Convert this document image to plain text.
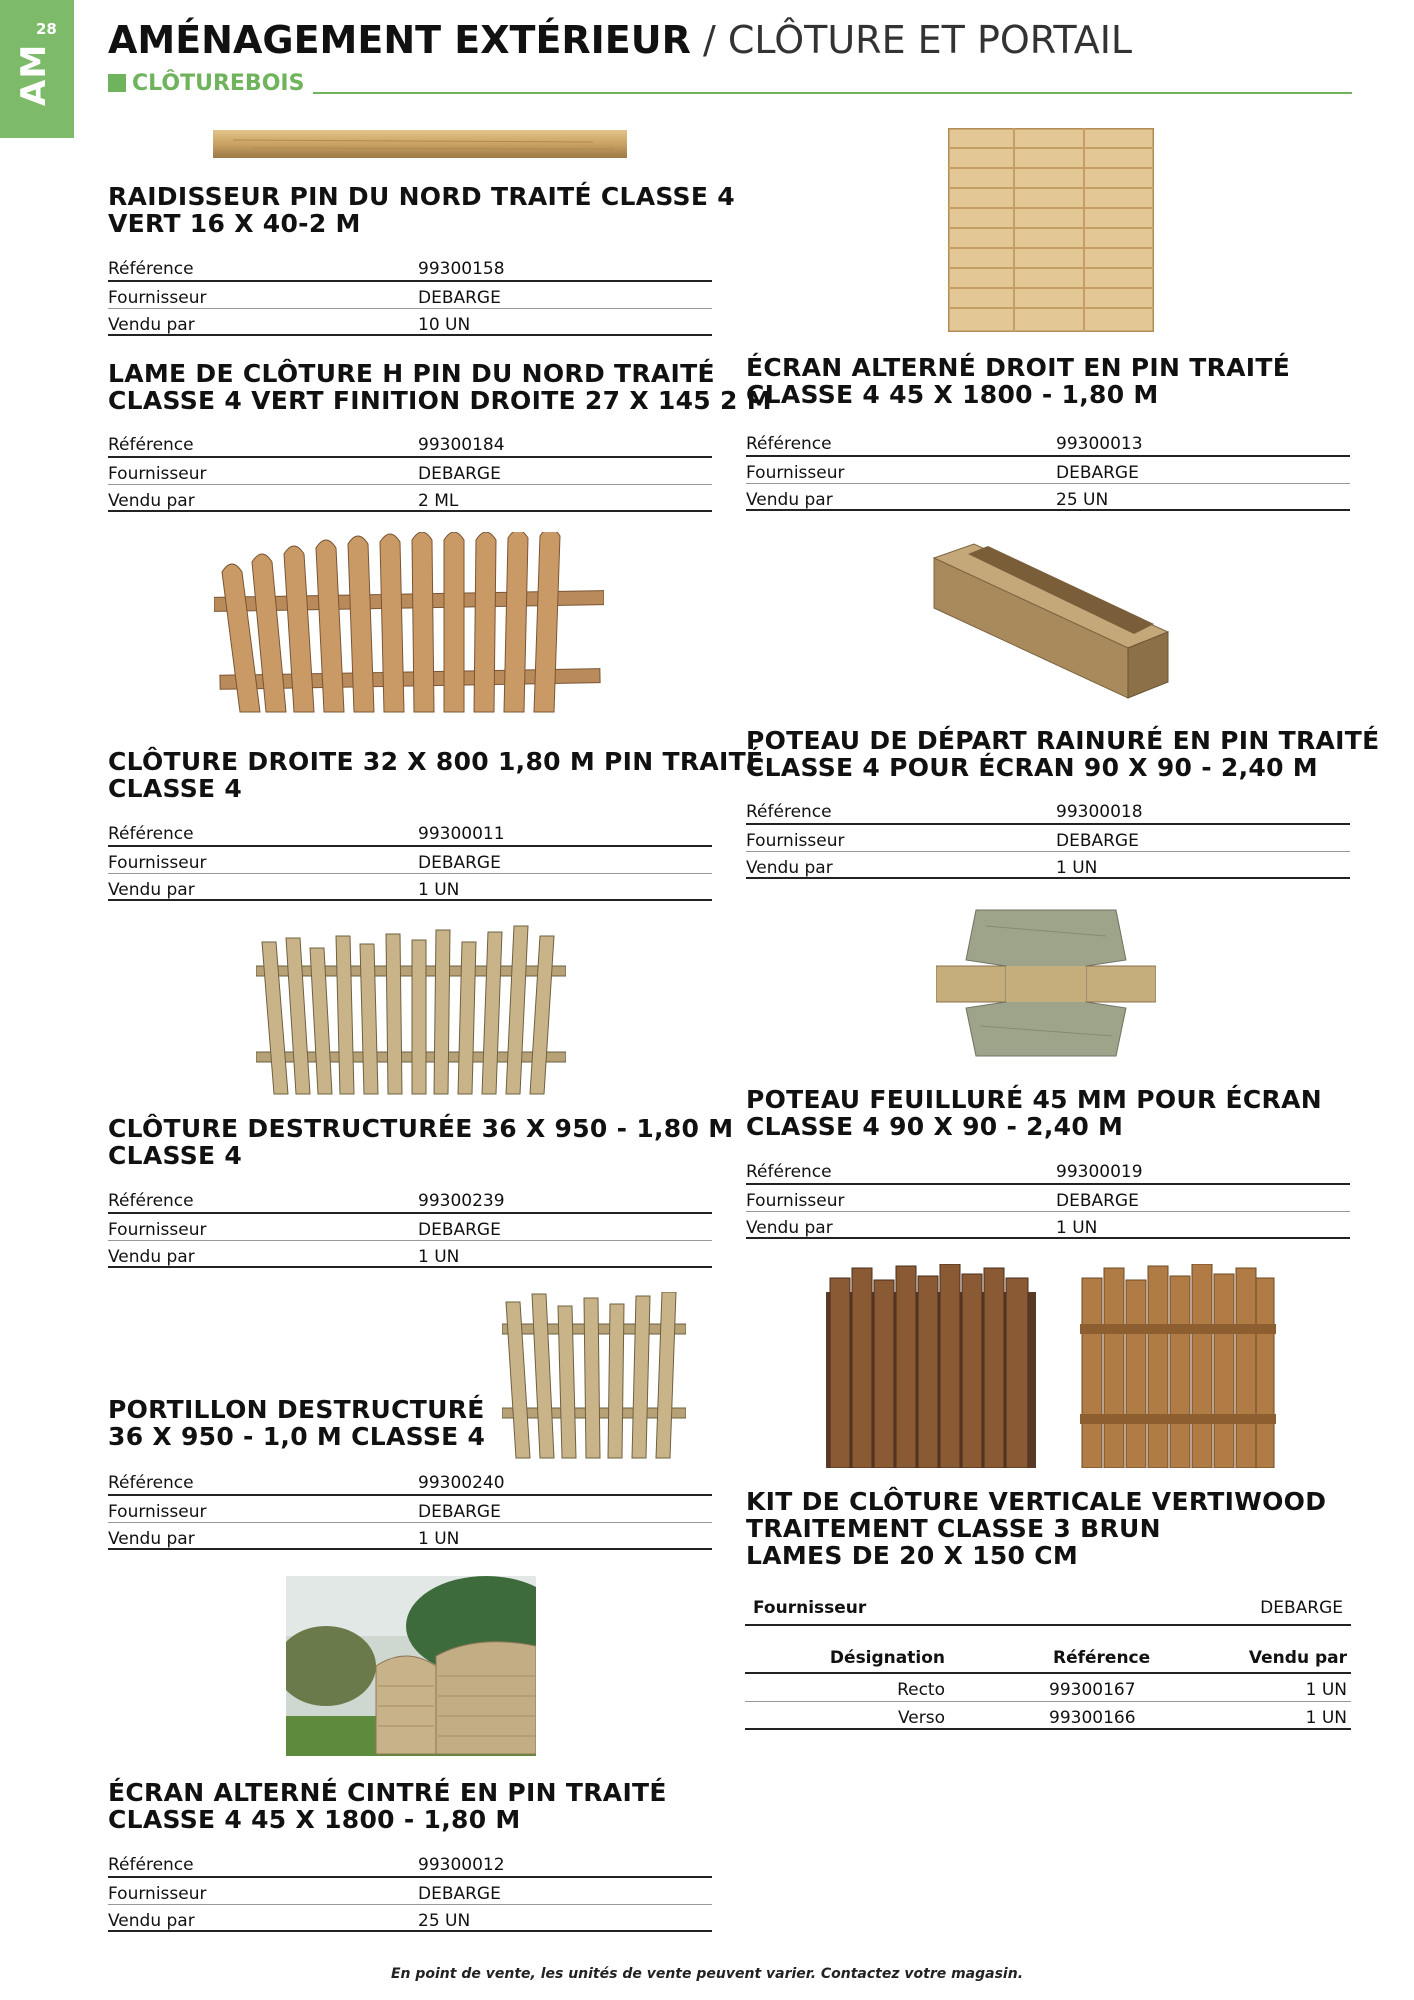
28
AM
AMÉNAGEMENT EXTÉRIEUR / CLÔTURE ET PORTAIL
CLÔTUREBOIS
RAIDISSEUR PIN DU NORD TRAITÉ CLASSE 4
VERT 16 X 40-2 M
Référence	99300158
Fournisseur	DEBARGE
Vendu par	10 UN
LAME DE CLÔTURE H PIN DU NORD TRAITÉ
CLASSE 4 VERT FINITION DROITE 27 X 145 2 M
Référence	99300184
Fournisseur	DEBARGE
Vendu par	2 ML
CLÔTURE DROITE 32 X 800 1,80 M PIN TRAITÉ
CLASSE 4
Référence	99300011
Fournisseur	DEBARGE
Vendu par	1 UN
CLÔTURE DESTRUCTURÉE 36 X 950 - 1,80 M
CLASSE 4
Référence	99300239
Fournisseur	DEBARGE
Vendu par	1 UN
PORTILLON DESTRUCTURÉ
36 X 950 - 1,0 M CLASSE 4
Référence	99300240
Fournisseur	DEBARGE
Vendu par	1 UN
ÉCRAN ALTERNÉ CINTRÉ EN PIN TRAITÉ
CLASSE 4 45 X 1800 - 1,80 M
Référence	99300012
Fournisseur	DEBARGE
Vendu par	25 UN
ÉCRAN ALTERNÉ DROIT EN PIN TRAITÉ
CLASSE 4 45 X 1800 - 1,80 M
Référence	99300013
Fournisseur	DEBARGE
Vendu par	25 UN
POTEAU DE DÉPART RAINURÉ EN PIN TRAITÉ
CLASSE 4 POUR ÉCRAN 90 X 90 - 2,40 M
Référence	99300018
Fournisseur	DEBARGE
Vendu par	1 UN
POTEAU FEUILLURÉ 45 MM POUR ÉCRAN
CLASSE 4 90 X 90 - 2,40 M
Référence	99300019
Fournisseur	DEBARGE
Vendu par	1 UN
KIT DE CLÔTURE VERTICALE VERTIWOOD
TRAITEMENT CLASSE 3 BRUN
LAMES DE 20 X 150 CM
Fournisseur	DEBARGE
Désignation	Référence	Vendu par
Recto	99300167	1 UN
Verso	99300166	1 UN
En point de vente, les unités de vente peuvent varier. Contactez votre magasin.
